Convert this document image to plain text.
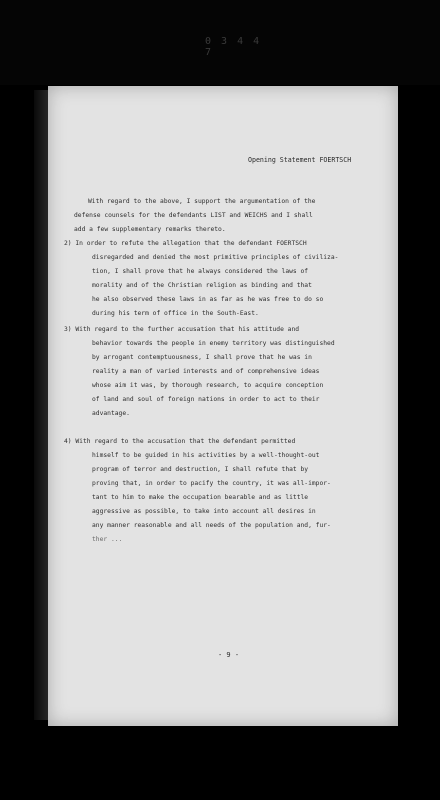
0 3 4 4 7
Opening Statement FOERTSCH
With regard to the above, I support the argumentation of the
defense counsels for the defendants LIST and WEICHS and I shall
add a few supplementary remarks thereto.
2) In order to refute the allegation that the defendant FOERTSCH
disregarded and denied the most primitive principles of civiliza-
tion, I shall prove that he always considered the laws of
morality and of the Christian religion as binding and that
he also observed these laws in as far as he was free to do so
during his term of office in the South-East.
3) With regard to the further accusation that his attitude and
behavior towards the people in enemy territory was distinguished
by arrogant contemptuousness, I shall prove that he was in
reality a man of varied interests and of comprehensive ideas
whose aim it was, by thorough research, to acquire conception
of land and soul of foreign nations in order to act to their
advantage.
4) With regard to the accusation that the defendant permitted
himself to be guided in his activities by a well-thought-out
program of terror and destruction, I shall refute that by
proving that, in order to pacify the country, it was all-impor-
tant to him to make the occupation bearable and as little
aggressive as possible, to take into account all desires in
any manner reasonable and all needs of the population and, fur-
ther ...
- 9 -
